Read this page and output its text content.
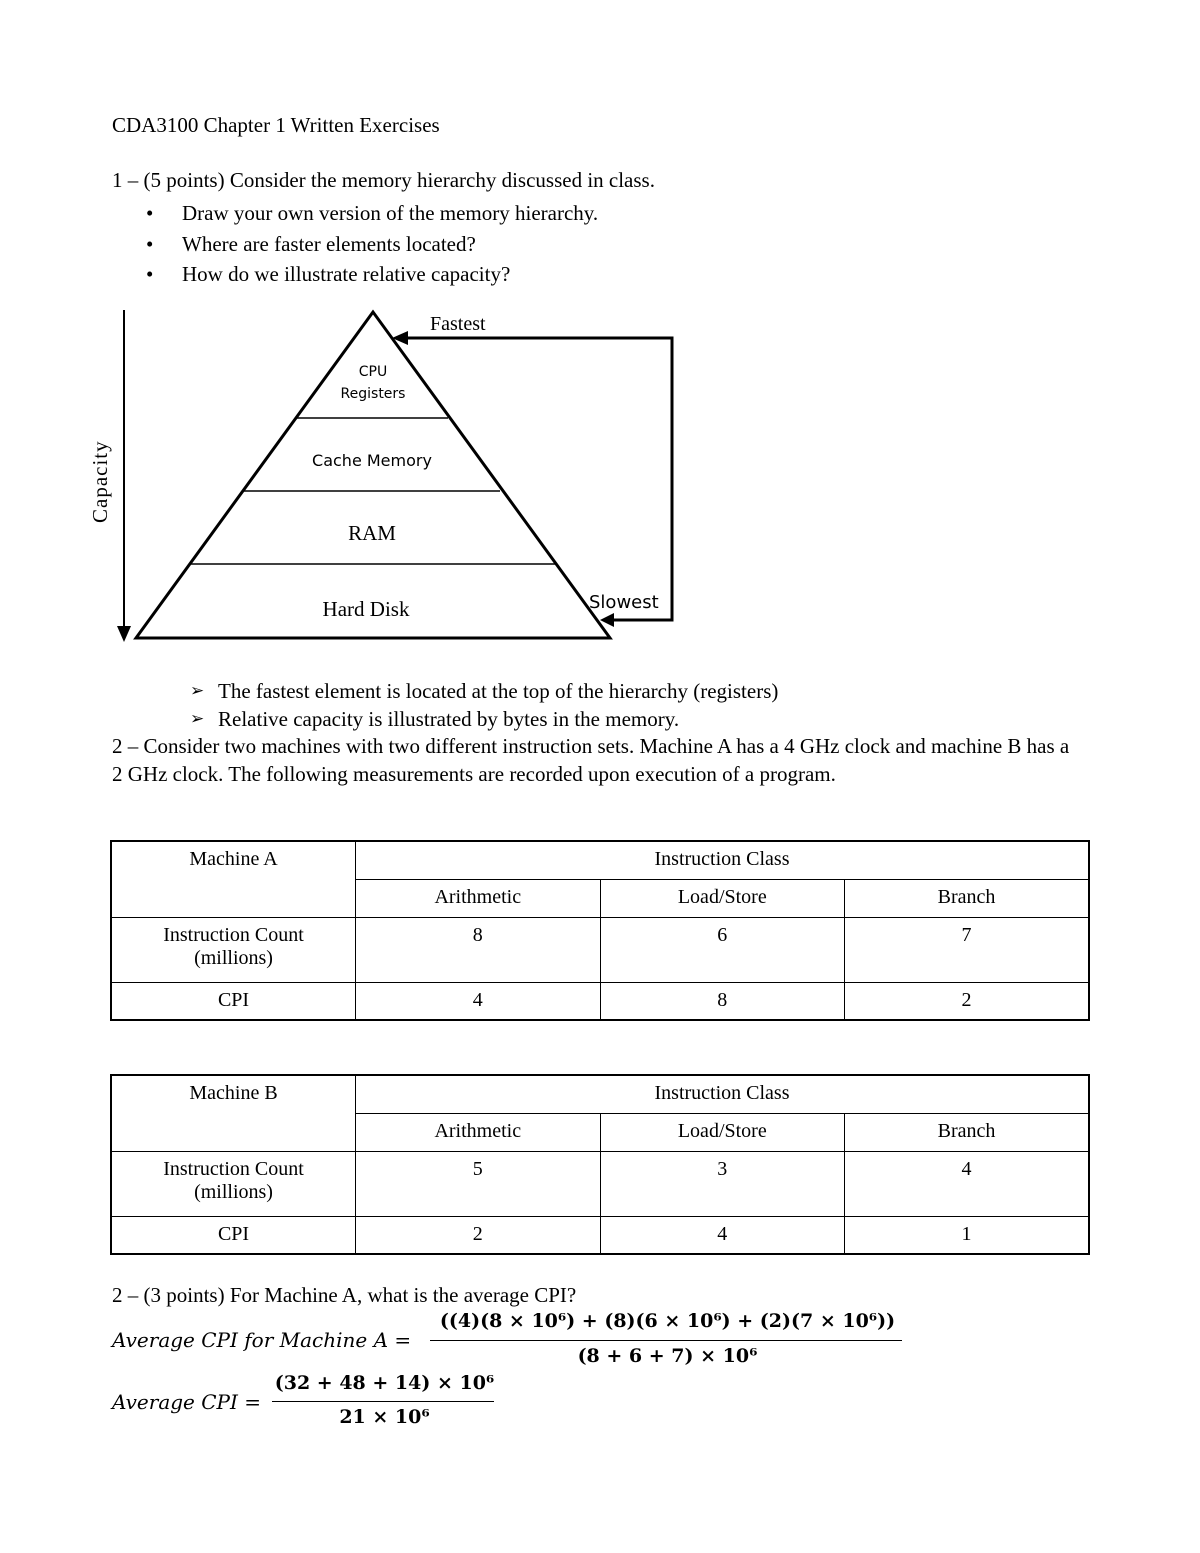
CDA3100 Chapter 1 Written Exercises
1 – (5 points) Consider the memory hierarchy discussed in class.
• Draw your own version of the memory hierarchy.
• Where are faster elements located?
• How do we illustrate relative capacity?
Capacity
CPU
Registers
Cache Memory
RAM
Hard Disk
Fastest
Slowest
➢ The fastest element is located at the top of the hierarchy (registers)
➢ Relative capacity is illustrated by bytes in the memory.
2 – Consider two machines with two different instruction sets. Machine A has a 4 GHz clock and machine B has a 2 GHz clock. The following measurements are recorded upon execution of a program.
Machine A	Instruction Class		
	Arithmetic	Load/Store	Branch
Instruction Count
(millions)	8	6	7
CPI	4	8	2
Machine B	Instruction Class		
	Arithmetic	Load/Store	Branch
Instruction Count
(millions)	5	3	4
CPI	2	4	1
2 – (3 points) For Machine A, what is the average CPI?
Average CPI for Machine A =
((4)(8 × 10⁶) + (8)(6 × 10⁶) + (2)(7 × 10⁶))
(8 + 6 + 7) × 10⁶
Average CPI =
(32 + 48 + 14) × 10⁶
21 × 10⁶
